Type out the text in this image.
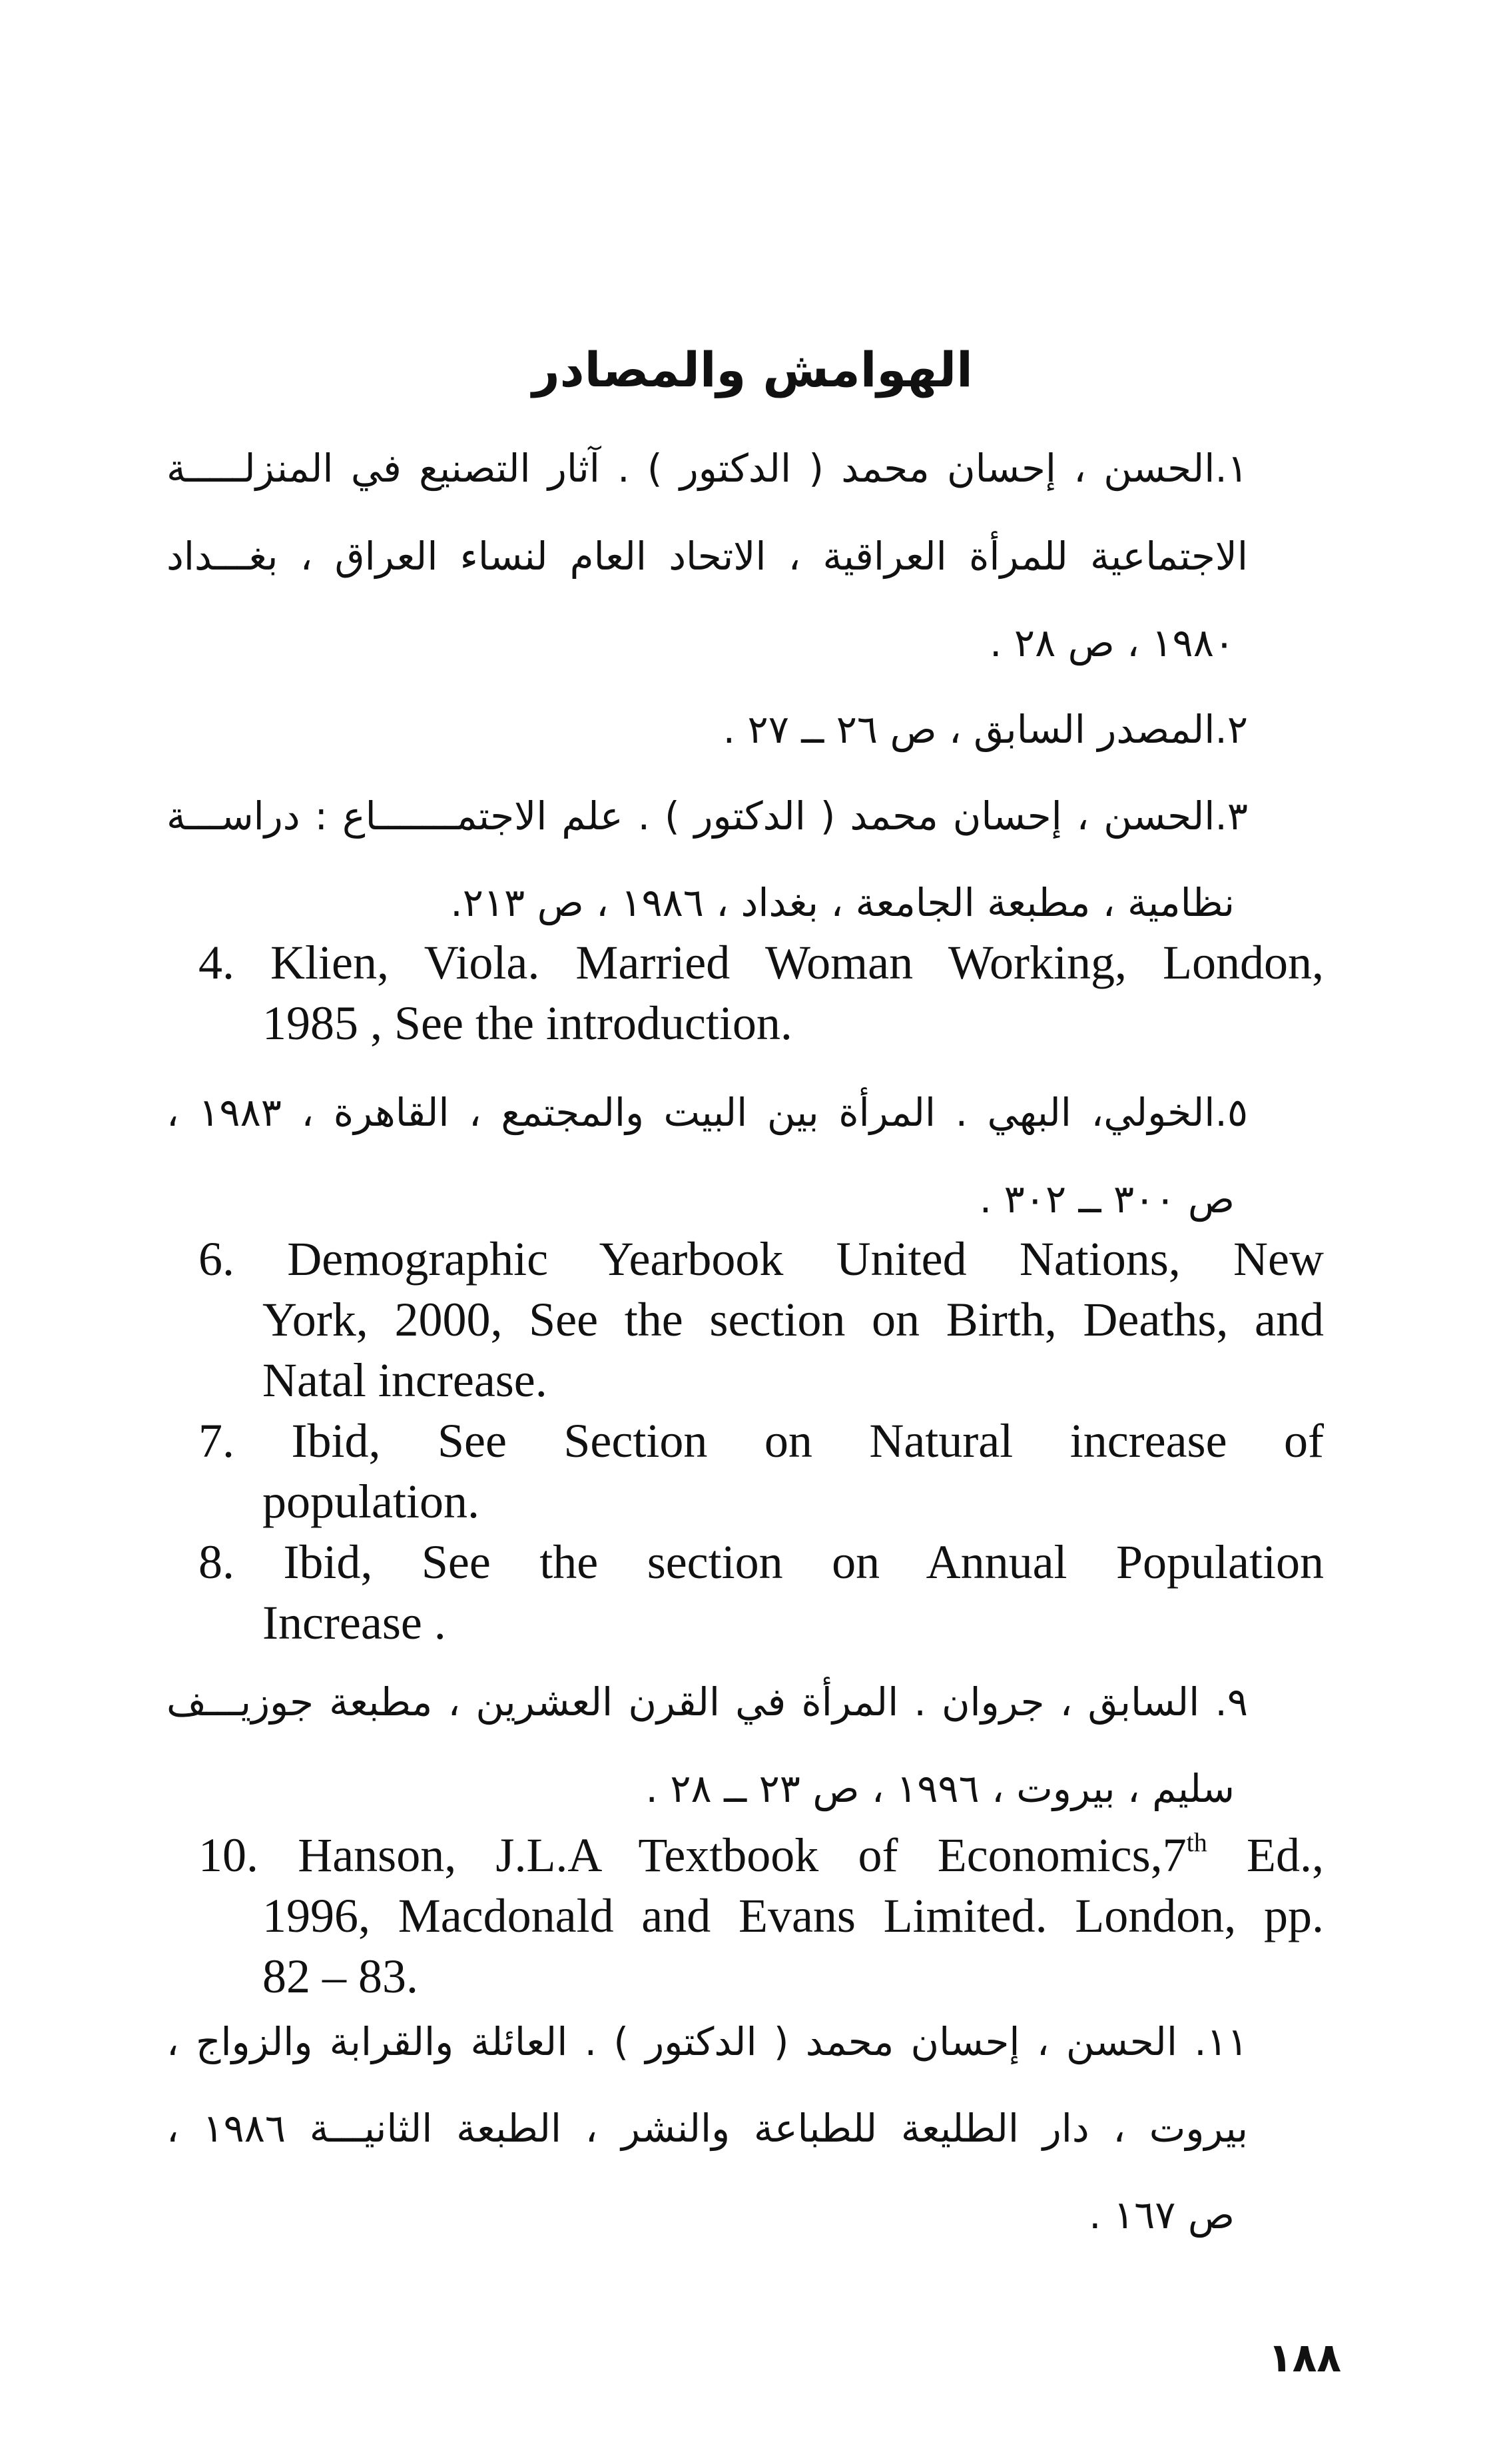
الهوامش والمصادر
١.الحسن ، إحسان محمد ( الدكتور ) . آثار التصنيع في المنزلـــــة
الاجتماعية للمرأة العراقية ، الاتحاد العام لنساء العراق ، بغـــداد
١٩٨٠ ، ص ٢٨ .
٢.المصدر السابق ، ص ٢٦ ــ ٢٧ .
٣.الحسن ، إحسان محمد ( الدكتور ) . علم الاجتمـــــــاع : دراســـة
نظامية ، مطبعة الجامعة ، بغداد ، ١٩٨٦ ، ص ٢١٣.
4. Klien, Viola. Married Woman Working, London,
1985 , See the introduction.
٥.الخولي، البهي . المرأة بين البيت والمجتمع ، القاهرة ، ١٩٨٣ ،
ص ٣٠٠ ــ ٣٠٢ .
6. Demographic Yearbook United Nations, New
York, 2000, See the section on Birth, Deaths, and
Natal increase.
7. Ibid, See Section on Natural increase of
population.
8. Ibid, See the section on Annual Population
Increase .
٩. السابق ، جروان . المرأة في القرن العشرين ، مطبعة جوزيـــف
سليم ، بيروت ، ١٩٩٦ ، ص ٢٣ ــ ٢٨ .
10. Hanson, J.L.A Textbook of Economics,7th Ed.,
1996, Macdonald and Evans Limited. London, pp.
82 – 83.
١١. الحسن ، إحسان محمد ( الدكتور ) . العائلة والقرابة والزواج ،
بيروت ، دار الطليعة للطباعة والنشر ، الطبعة الثانيـــة ١٩٨٦ ،
ص ١٦٧ .
١٨٨
